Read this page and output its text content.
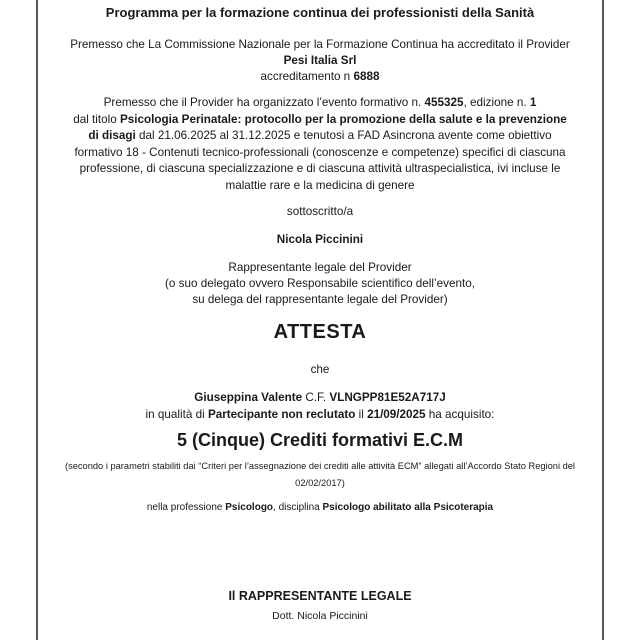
Programma per la formazione continua dei professionisti della Sanità
Premesso che La Commissione Nazionale per la Formazione Continua ha accreditato il Provider
Pesi Italia Srl
accreditamento n 6888
Premesso che il Provider ha organizzato l’evento formativo n. 455325, edizione n. 1
dal titolo Psicologia Perinatale: protocollo per la promozione della salute e la prevenzione
di disagi dal 21.06.2025 al 31.12.2025 e tenutosi a FAD Asincrona avente come obiettivo
formativo 18 - Contenuti tecnico-professionali (conoscenze e competenze) specifici di ciascuna
professione, di ciascuna specializzazione e di ciascuna attività ultraspecialistica, ivi incluse le
malattie rare e la medicina di genere
sottoscritto/a
Nicola Piccinini
Rappresentante legale del Provider
(o suo delegato ovvero Responsabile scientifico dell’evento,
su delega del rappresentante legale del Provider)
ATTESTA
che
Giuseppina Valente C.F. VLNGPP81E52A717J
in qualità di Partecipante non reclutato il 21/09/2025 ha acquisito:
5 (Cinque) Crediti formativi E.C.M
(secondo i parametri stabiliti dai “Criteri per l’assegnazione dei crediti alle attività ECM” allegati all’Accordo Stato Regioni del
02/02/2017)
nella professione Psicologo, disciplina Psicologo abilitato alla Psicoterapia
Il RAPPRESENTANTE LEGALE
Dott. Nicola Piccinini
